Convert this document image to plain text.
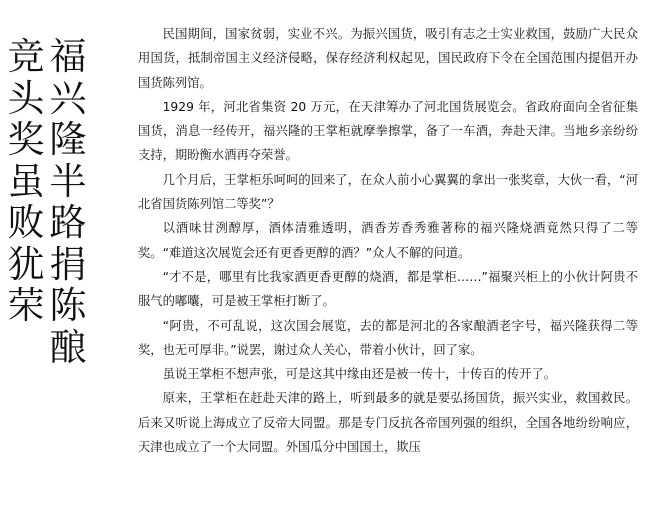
福
兴
隆
半
路
捐
陈
酿
竞
头
奖
虽
败
犹
荣

民国期间，国家贫弱，实业不兴。为振兴国货，吸引有志之士实业救国，鼓励广大民众用国货，抵制帝国主义经济侵略，保存经济利权起见，国民政府下令在全国范围内提倡开办国货陈列馆。

1929 年，河北省集资 20 万元，在天津筹办了河北国货展览会。省政府面向全省征集国货，消息一经传开，福兴隆的王掌柜就摩拳擦掌，备了一车酒，奔赴天津。当地乡亲纷纷支持，期盼衡水酒再夺荣誉。

几个月后，王掌柜乐呵呵的回来了，在众人前小心翼翼的拿出一张奖章，大伙一看，“河北省国货陈列馆二等奖”？

以酒味甘洌醇厚，酒体清雅透明，酒香芳香秀雅著称的福兴隆烧酒竟然只得了二等奖。“难道这次展览会还有更香更醇的酒？”众人不解的问道。

“才不是，哪里有比我家酒更香更醇的烧酒，都是掌柜……”福聚兴柜上的小伙计阿贵不服气的嘟囔，可是被王掌柜打断了。

“阿贵，不可乱说，这次国会展览，去的都是河北的各家酿酒老字号，福兴隆获得二等奖，也无可厚非。”说罢，谢过众人关心，带着小伙计，回了家。

虽说王掌柜不想声张，可是这其中缘由还是被一传十，十传百的传开了。

原来，王掌柜在赶赴天津的路上，听到最多的就是要弘扬国货，振兴实业，救国救民。后来又听说上海成立了反帝大同盟。那是专门反抗各帝国列强的组织，全国各地纷纷响应，天津也成立了一个大同盟。外国瓜分中国国土，欺压
